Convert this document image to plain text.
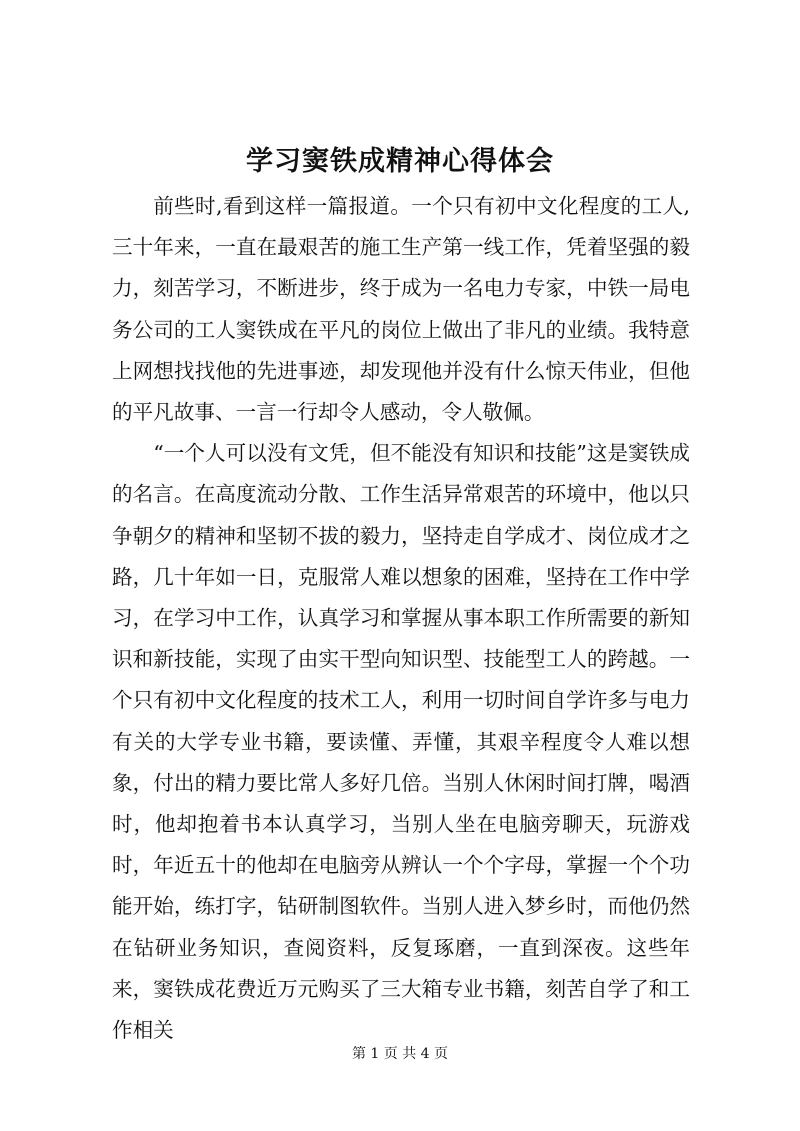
学习窦铁成精神心得体会

前些时,看到这样一篇报道。一个只有初中文化程度的工人,三十年来，一直在最艰苦的施工生产第一线工作，凭着坚强的毅力，刻苦学习，不断进步，终于成为一名电力专家，中铁一局电务公司的工人窦铁成在平凡的岗位上做出了非凡的业绩。我特意上网想找找他的先进事迹，却发现他并没有什么惊天伟业，但他的平凡故事、一言一行却令人感动，令人敬佩。

“一个人可以没有文凭，但不能没有知识和技能”这是窦铁成的名言。在高度流动分散、工作生活异常艰苦的环境中，他以只争朝夕的精神和坚韧不拔的毅力，坚持走自学成才、岗位成才之路，几十年如一日，克服常人难以想象的困难，坚持在工作中学习，在学习中工作，认真学习和掌握从事本职工作所需要的新知识和新技能，实现了由实干型向知识型、技能型工人的跨越。一个只有初中文化程度的技术工人，利用一切时间自学许多与电力有关的大学专业书籍，要读懂、弄懂，其艰辛程度令人难以想象，付出的精力要比常人多好几倍。当别人休闲时间打牌，喝酒时，他却抱着书本认真学习，当别人坐在电脑旁聊天，玩游戏时，年近五十的他却在电脑旁从辨认一个个字母，掌握一个个功能开始，练打字，钻研制图软件。当别人进入梦乡时，而他仍然在钻研业务知识，查阅资料，反复琢磨，一直到深夜。这些年来，窦铁成花费近万元购买了三大箱专业书籍，刻苦自学了和工作相关

第 1 页 共 4 页
